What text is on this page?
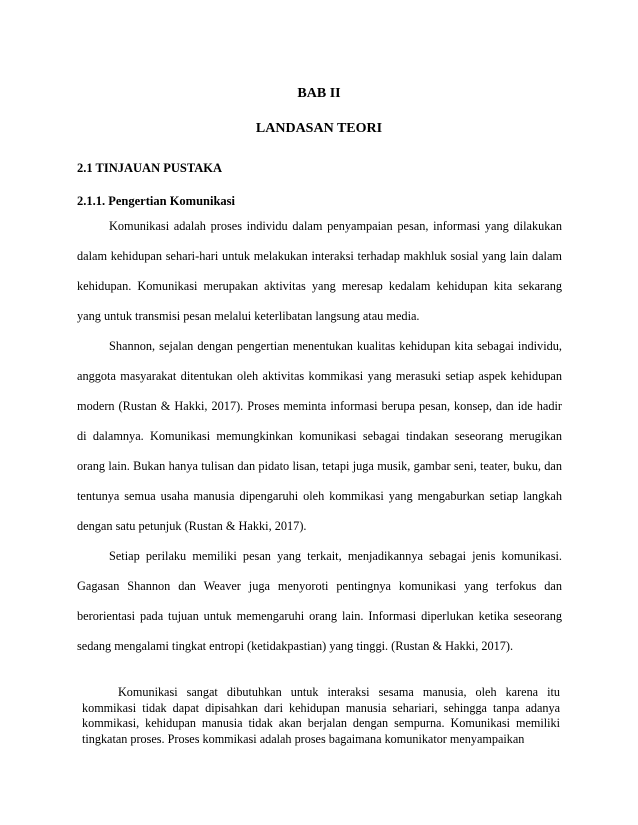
BAB II
LANDASAN TEORI
2.1 TINJAUAN PUSTAKA
2.1.1. Pengertian Komunikasi

Komunikasi adalah proses individu dalam penyampaian pesan, informasi yang dilakukan dalam kehidupan sehari-hari untuk melakukan interaksi terhadap makhluk sosial yang lain dalam kehidupan. Komunikasi merupakan aktivitas yang meresap kedalam kehidupan kita sekarang yang untuk transmisi pesan melalui keterlibatan langsung atau media.

Shannon, sejalan dengan pengertian menentukan kualitas kehidupan kita sebagai individu, anggota masyarakat ditentukan oleh aktivitas kommikasi yang merasuki setiap aspek kehidupan modern (Rustan & Hakki, 2017). Proses meminta informasi berupa pesan, konsep, dan ide hadir di dalamnya. Komunikasi memungkinkan komunikasi sebagai tindakan seseorang merugikan orang lain. Bukan hanya tulisan dan pidato lisan, tetapi juga musik, gambar seni, teater, buku, dan tentunya semua usaha manusia dipengaruhi oleh kommikasi yang mengaburkan setiap langkah dengan satu petunjuk (Rustan & Hakki, 2017).

Setiap perilaku memiliki pesan yang terkait, menjadikannya sebagai jenis komunikasi. Gagasan Shannon dan Weaver juga menyoroti pentingnya komunikasi yang terfokus dan berorientasi pada tujuan untuk memengaruhi orang lain. Informasi diperlukan ketika seseorang sedang mengalami tingkat entropi (ketidakpastian) yang tinggi. (Rustan & Hakki, 2017).

Komunikasi sangat dibutuhkan untuk interaksi sesama manusia, oleh karena itu kommikasi tidak dapat dipisahkan dari kehidupan manusia sehariari, sehingga tanpa adanya kommikasi, kehidupan manusia tidak akan berjalan dengan sempurna. Komunikasi memiliki tingkatan proses. Proses kommikasi adalah proses bagaimana komunikator menyampaikan
